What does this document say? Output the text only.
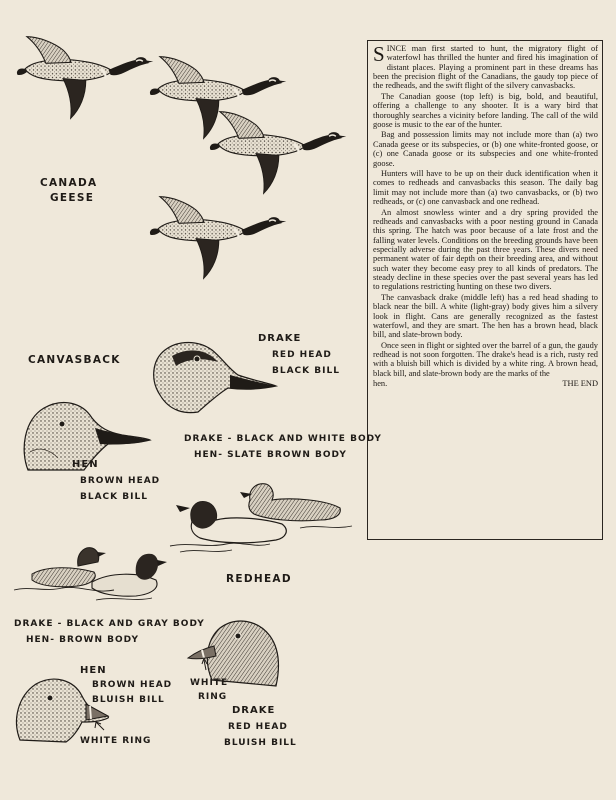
CANADA
GEESE
CANVASBACK
DRAKE
RED HEAD
BLACK BILL
HEN
BROWN HEAD
BLACK BILL
DRAKE - BLACK AND WHITE BODY
HEN- SLATE BROWN BODY
REDHEAD
DRAKE - BLACK AND GRAY BODY
HEN- BROWN BODY
HEN
BROWN HEAD
BLUISH BILL
WHITE
RING
DRAKE
RED HEAD
BLUISH BILL
WHITE RING

SINCE man first started to hunt, the migratory flight of waterfowl has thrilled the hunter and fired his imagination of distant places. Playing a prominent part in these dreams has been the precision flight of the Canadians, the gaudy top piece of the redheads, and the swift flight of the silvery canvasbacks.

The Canadian goose (top left) is big, bold, and beautiful, offering a challenge to any shooter. It is a wary bird that thoroughly searches a vicinity before landing. The call of the wild goose is music to the ear of the hunter.

Bag and possession limits may not include more than (a) two Canada geese or its subspecies, or (b) one white-fronted goose, or (c) one Canada goose or its subspecies and one white-fronted goose.

Hunters will have to be up on their duck identification when it comes to redheads and canvasbacks this season. The daily bag limit may not include more than (a) two canvasbacks, or (b) two redheads, or (c) one canvasback and one redhead.

An almost snowless winter and a dry spring provided the redheads and canvasbacks with a poor nesting ground in Canada this spring. The hatch was poor because of a late frost and the falling water levels. Conditions on the breeding grounds have been especially adverse during the past three years. These divers need permanent water of fair depth on their breeding area, and without such water they become easy prey to all kinds of predators. The steady decline in these species over the past several years has led to regulations restricting hunting on these two divers.

The canvasback drake (middle left) has a red head shading to black near the bill. A white (light-gray) body gives him a silvery look in flight. Cans are generally recognized as the fastest waterfowl, and they are smart. The hen has a brown head, black bill, and slate-brown body.

Once seen in flight or sighted over the barrel of a gun, the gaudy redhead is not soon forgotten. The drake's head is a rich, rusty red with a bluish bill which is divided by a white ring. A brown head, black bill, and slate-brown body are the marks of the

hen.	THE END
